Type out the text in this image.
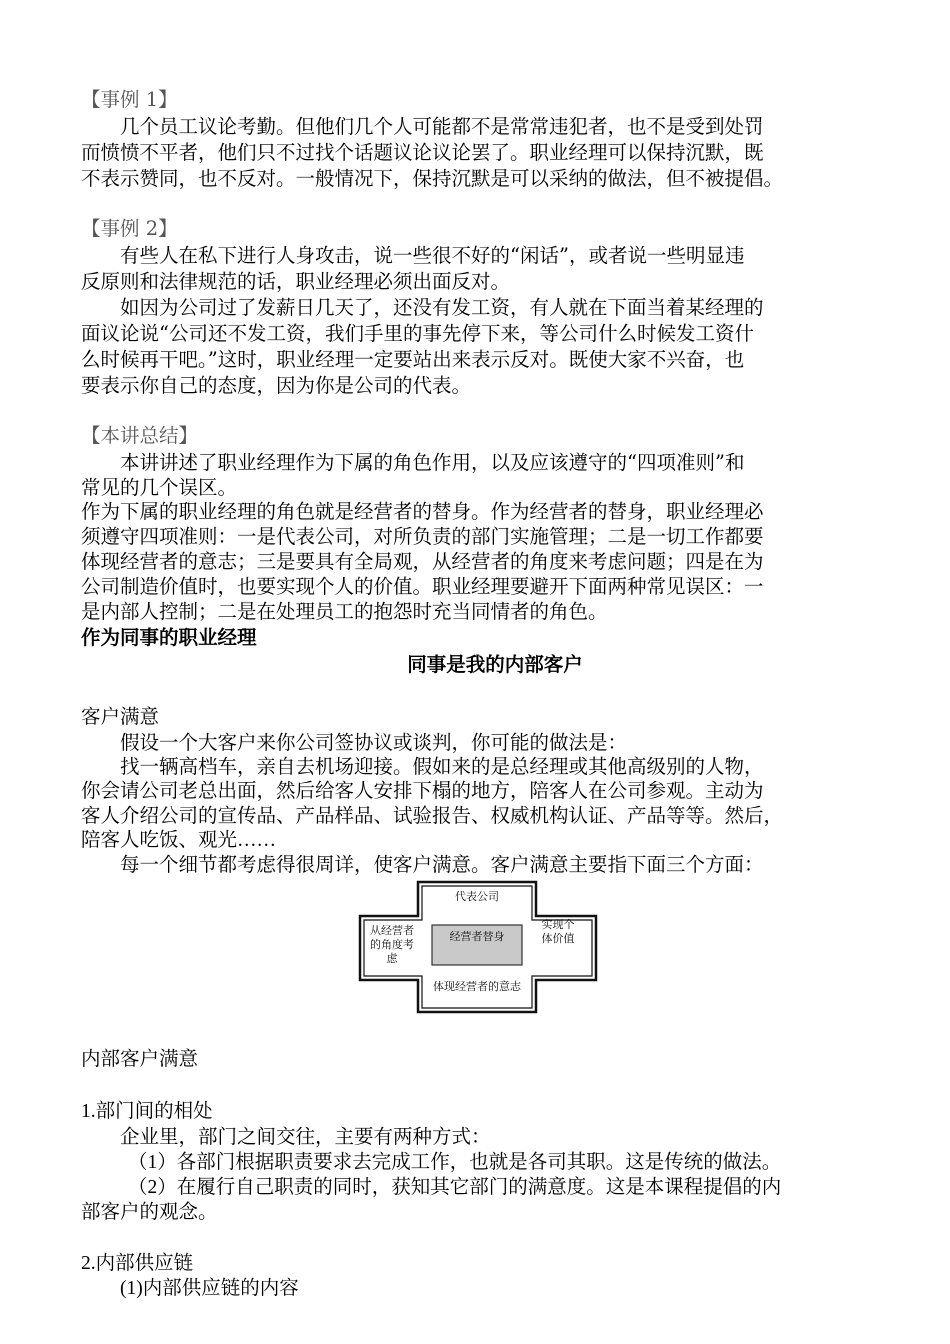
【事例 1】
几个员工议论考勤。但他们几个人可能都不是常常违犯者，也不是受到处罚
而愤愤不平者，他们只不过找个话题议论议论罢了。职业经理可以保持沉默，既
不表示赞同，也不反对。一般情况下，保持沉默是可以采纳的做法，但不被提倡。
【事例 2】
有些人在私下进行人身攻击，说一些很不好的“闲话”，或者说一些明显违
反原则和法律规范的话，职业经理必须出面反对。
如因为公司过了发薪日几天了，还没有发工资，有人就在下面当着某经理的
面议论说“公司还不发工资，我们手里的事先停下来，等公司什么时候发工资什
么时候再干吧。”这时，职业经理一定要站出来表示反对。既使大家不兴奋，也
要表示你自己的态度，因为你是公司的代表。
【本讲总结】
本讲讲述了职业经理作为下属的角色作用，以及应该遵守的“四项准则”和
常见的几个误区。
作为下属的职业经理的角色就是经营者的替身。作为经营者的替身，职业经理必
须遵守四项准则：一是代表公司，对所负责的部门实施管理；二是一切工作都要
体现经营者的意志；三是要具有全局观，从经营者的角度来考虑问题；四是在为
公司制造价值时，也要实现个人的价值。职业经理要避开下面两种常见误区：一
是内部人控制；二是在处理员工的抱怨时充当同情者的角色。
作为同事的职业经理
同事是我的内部客户
客户满意
假设一个大客户来你公司签协议或谈判，你可能的做法是：
找一辆高档车，亲自去机场迎接。假如来的是总经理或其他高级别的人物，
你会请公司老总出面，然后给客人安排下榻的地方，陪客人在公司参观。主动为
客人介绍公司的宣传品、产品样品、试验报告、权威机构认证、产品等等。然后，
陪客人吃饭、观光……
每一个细节都考虑得很周详，使客户满意。客户满意主要指下面三个方面：
代表公司
从经营者的角度考虑
实现个体价值
经营者替身
体现经营者的意志
内部客户满意
1.部门间的相处
企业里，部门之间交往，主要有两种方式：
（1）各部门根据职责要求去完成工作，也就是各司其职。这是传统的做法。
（2）在履行自己职责的同时，获知其它部门的满意度。这是本课程提倡的内
部客户的观念。
2.内部供应链
(1)内部供应链的内容
